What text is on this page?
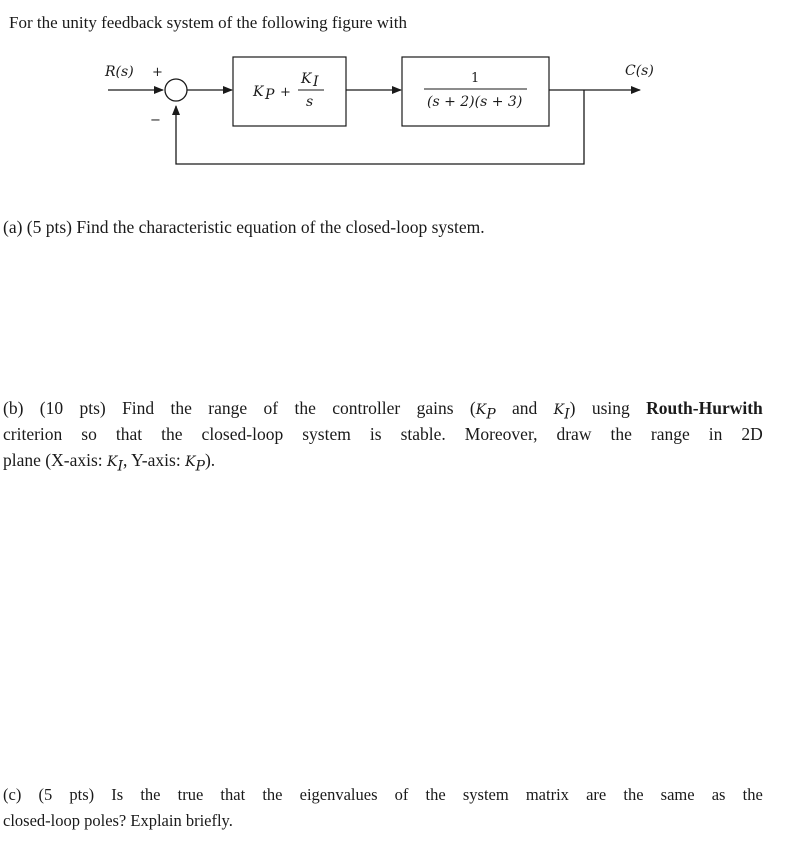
For the unity feedback system of the following figure with
R(s) +
−
K P +
K I
s
1
(s + 2)(s + 3)
C(s)
(a) (5 pts) Find the characteristic equation of the closed-loop system.
(b) (10 pts) Find the range of the controller gains ($K_P$ and $K_I$) using Routh-Hurwith
criterion so that the closed-loop system is stable. Moreover, draw the range in 2D
plane (X-axis: $K_I$, Y-axis: $K_P$).
(c) (5 pts) Is the true that the eigenvalues of the system matrix are the same as the
closed-loop poles? Explain briefly.
